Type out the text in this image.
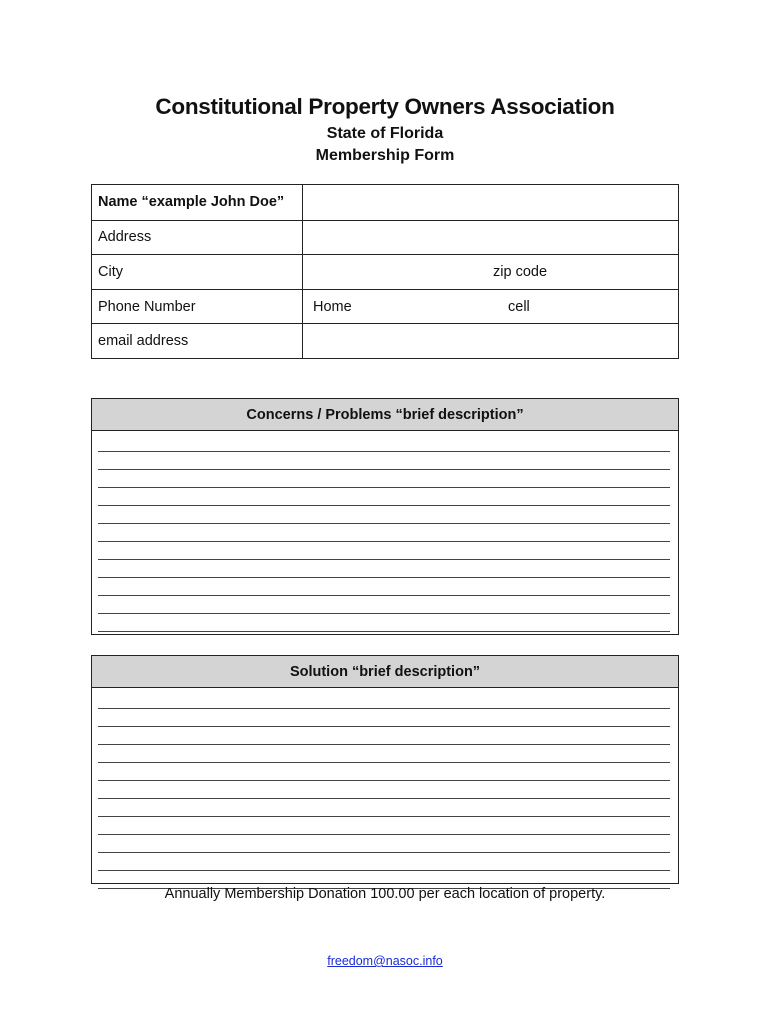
Constitutional Property Owners Association
State of Florida
Membership Form
Name “example John Doe”
Address
City	zip code
Phone Number	Home	cell
email address
Concerns / Problems “brief description”
Solution “brief description”
Annually Membership Donation 100.00 per each location of property.
freedom@nasoc.info
